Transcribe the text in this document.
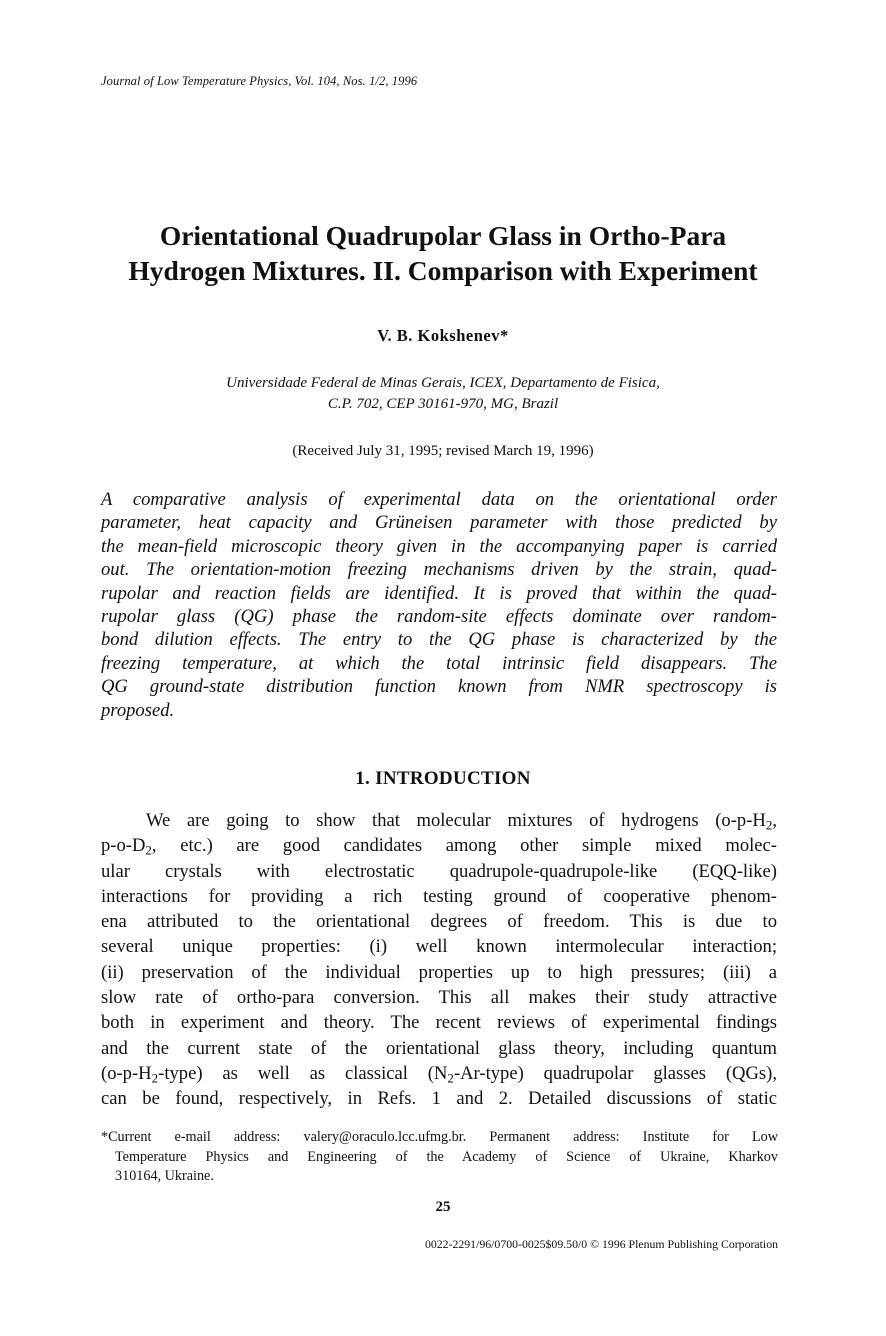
Journal of Low Temperature Physics, Vol. 104, Nos. 1/2, 1996
Orientational Quadrupolar Glass in Ortho-Para
Hydrogen Mixtures. II. Comparison with Experiment
V. B. Kokshenev*
Universidade Federal de Minas Gerais, ICEX, Departamento de Fisica,
C.P. 702, CEP 30161-970, MG, Brazil
(Received July 31, 1995; revised March 19, 1996)
A comparative analysis of experimental data on the orientational order
parameter, heat capacity and Grüneisen parameter with those predicted by
the mean-field microscopic theory given in the accompanying paper is carried
out. The orientation-motion freezing mechanisms driven by the strain, quad-
rupolar and reaction fields are identified. It is proved that within the quad-
rupolar glass (QG) phase the random-site effects dominate over random-
bond dilution effects. The entry to the QG phase is characterized by the
freezing temperature, at which the total intrinsic field disappears. The
QG ground-state distribution function known from NMR spectroscopy is
proposed.
1. INTRODUCTION
We are going to show that molecular mixtures of hydrogens ($o-p-H_2$,
$p-o-D_2$, etc.) are good candidates among other simple mixed molec-
ular crystals with electrostatic quadrupole-quadrupole-like (EQQ-like)
interactions for providing a rich testing ground of cooperative phenom-
ena attributed to the orientational degrees of freedom. This is due to
several unique properties: (i) well known intermolecular interaction;
(ii) preservation of the individual properties up to high pressures; (iii) a
slow rate of ortho-para conversion. This all makes their study attractive
both in experiment and theory. The recent reviews of experimental findings
and the current state of the orientational glass theory, including quantum
$(o-p-H_2-type)$ as well as classical $(N_2-Ar-type)$ quadrupolar glasses (QGs),
can be found, respectively, in Refs. 1 and 2. Detailed discussions of static
*Current e-mail address: valery@oraculo.lcc.ufmg.br. Permanent address: Institute for Low
Temperature Physics and Engineering of the Academy of Science of Ukraine, Kharkov
310164, Ukraine.
25
0022-2291/96/0700-0025$09.50/0 © 1996 Plenum Publishing Corporation
